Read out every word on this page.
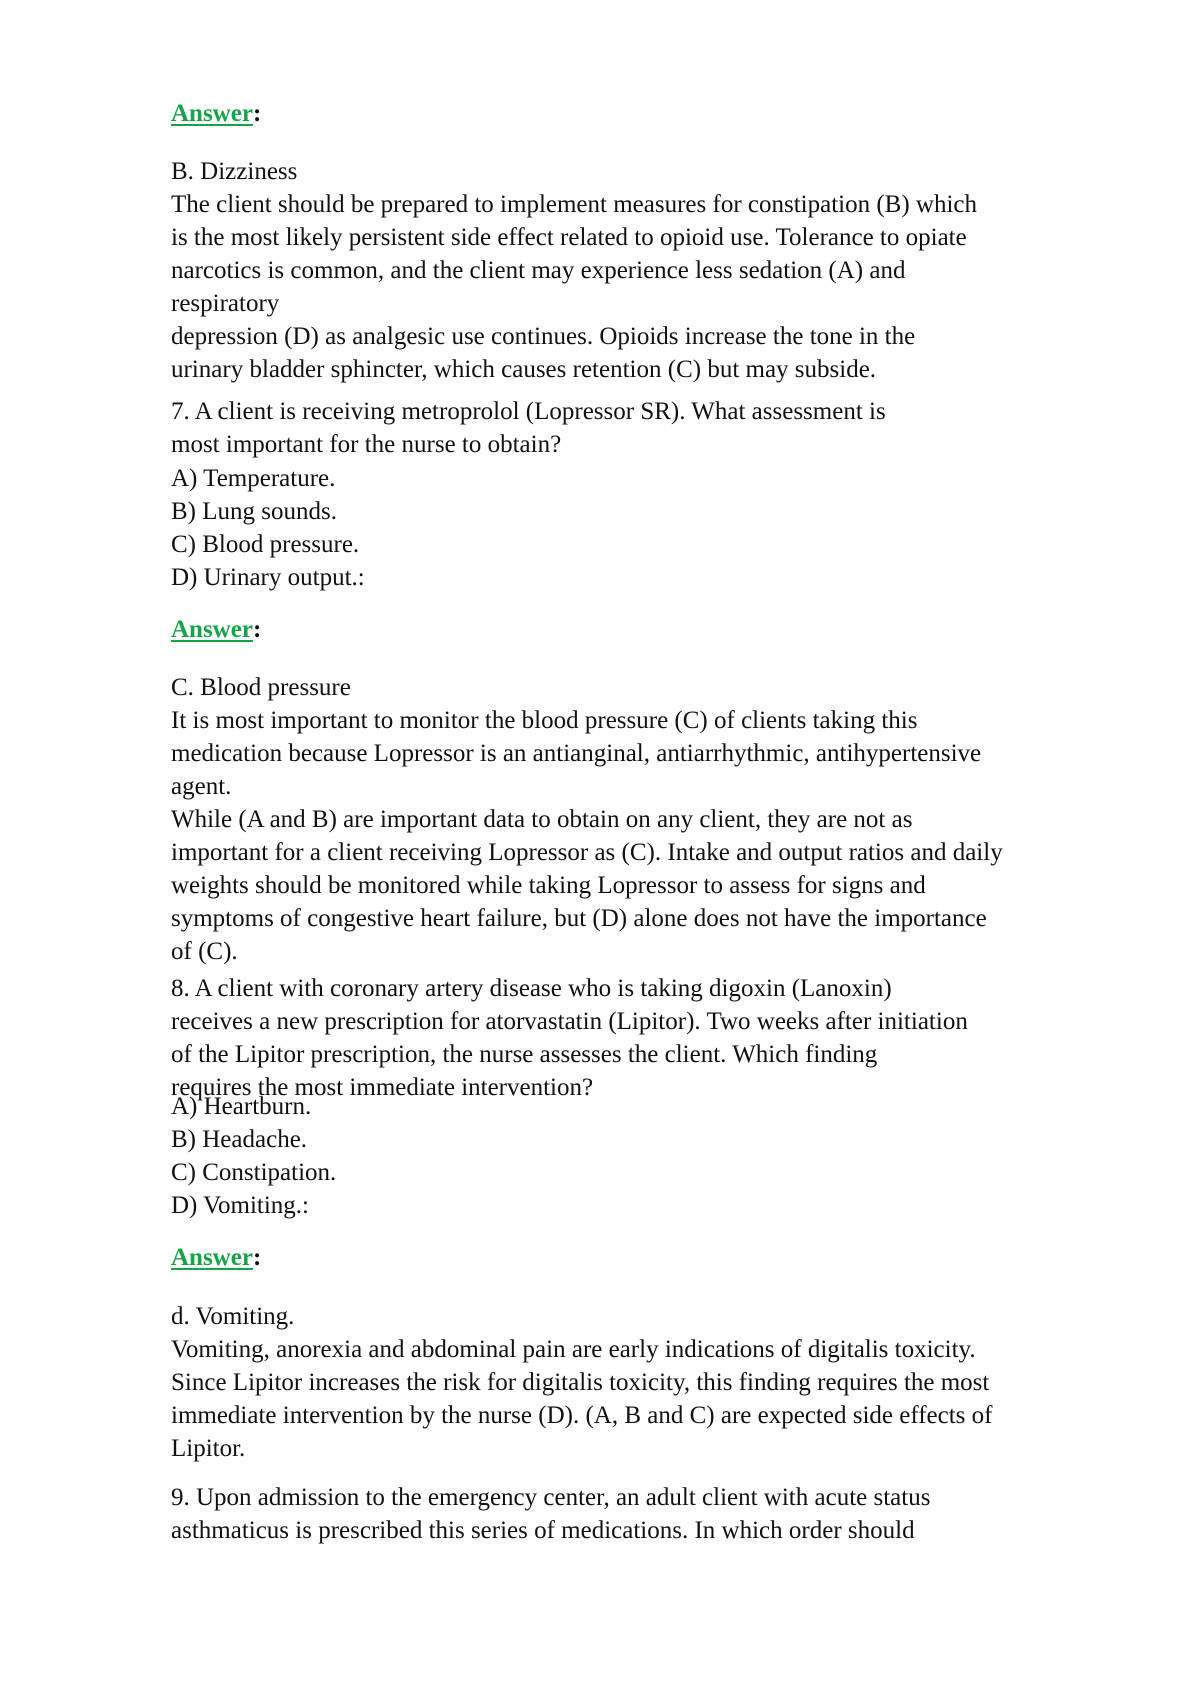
Answer:
B. Dizziness
The client should be prepared to implement measures for constipation (B) which
is the most likely persistent side effect related to opioid use. Tolerance to opiate
narcotics is common, and the client may experience less sedation (A) and
respiratory
depression (D) as analgesic use continues. Opioids increase the tone in the
urinary bladder sphincter, which causes retention (C) but may subside.
7. A client is receiving metroprolol (Lopressor SR). What assessment is
most important for the nurse to obtain?
A) Temperature.
B) Lung sounds.
C) Blood pressure.
D) Urinary output.:
Answer:
C. Blood pressure
It is most important to monitor the blood pressure (C) of clients taking this
medication because Lopressor is an antianginal, antiarrhythmic, antihypertensive
agent.
While (A and B) are important data to obtain on any client, they are not as
important for a client receiving Lopressor as (C). Intake and output ratios and daily
weights should be monitored while taking Lopressor to assess for signs and
symptoms of congestive heart failure, but (D) alone does not have the importance
of (C).
8. A client with coronary artery disease who is taking digoxin (Lanoxin)
receives a new prescription for atorvastatin (Lipitor). Two weeks after initiation
of the Lipitor prescription, the nurse assesses the client. Which finding
requires the most immediate intervention?
A) Heartburn.
B) Headache.
C) Constipation.
D) Vomiting.:
Answer:
d. Vomiting.
Vomiting, anorexia and abdominal pain are early indications of digitalis toxicity.
Since Lipitor increases the risk for digitalis toxicity, this finding requires the most
immediate intervention by the nurse (D). (A, B and C) are expected side effects of
Lipitor.
9. Upon admission to the emergency center, an adult client with acute status
asthmaticus is prescribed this series of medications. In which order should
